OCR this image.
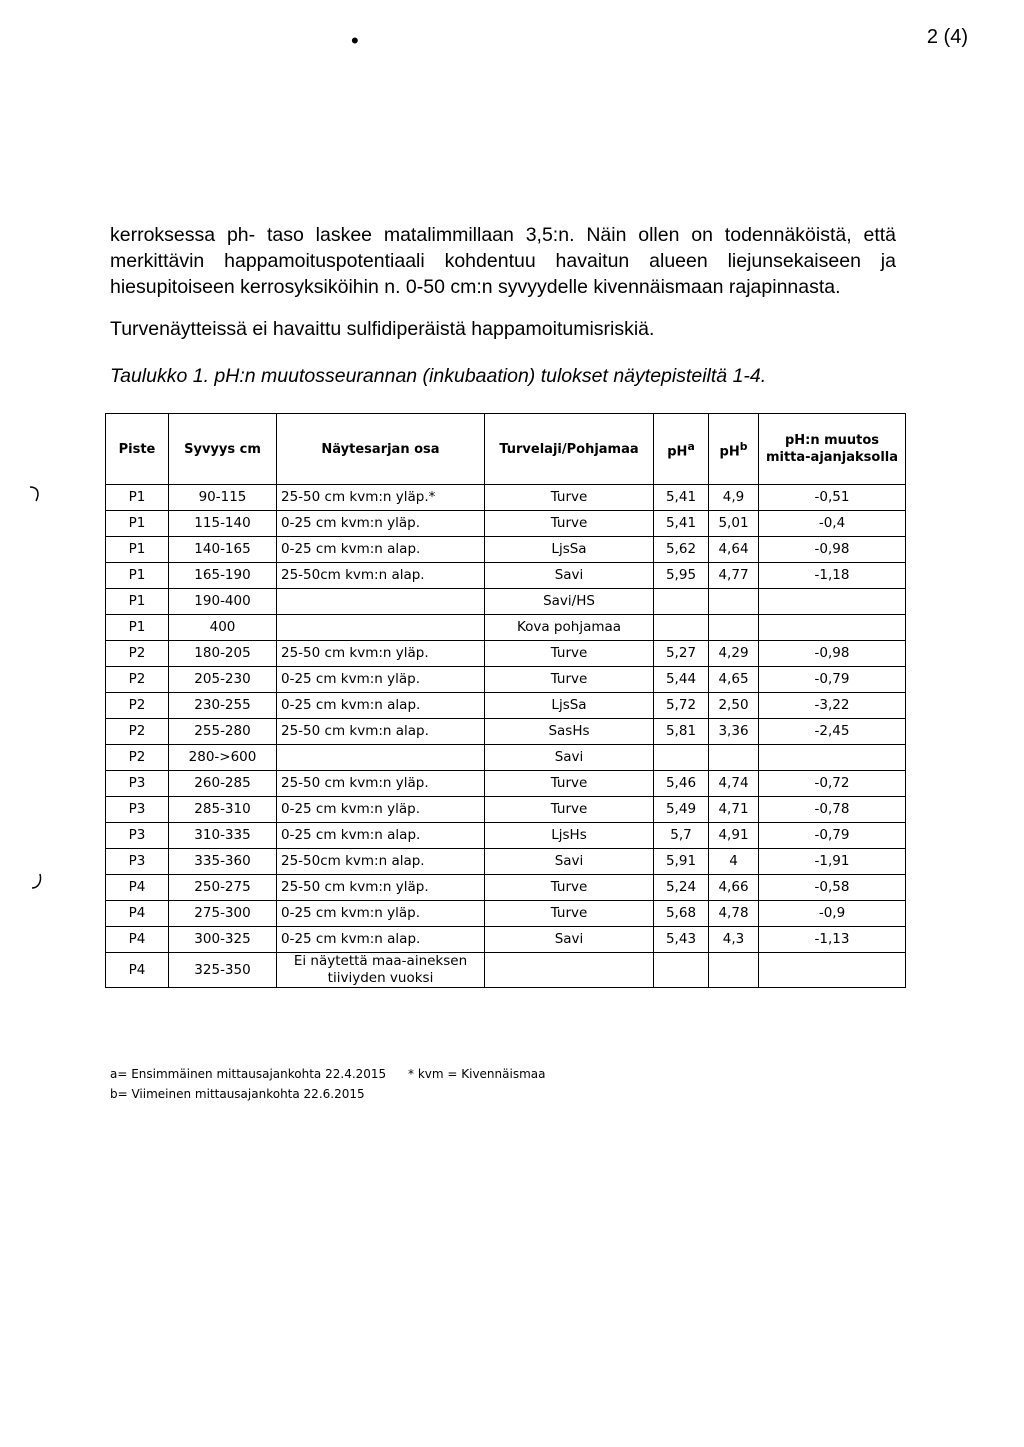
•	2 (4)
kerroksessa ph- taso laskee matalimmillaan 3,5:n. Näin ollen on todennäköistä, että merkittävin happamoituspotentiaali kohdentuu havaitun alueen liejunsekaiseen ja hiesupitoiseen kerrosyksiköihin n. 0-50 cm:n syvyydelle kivennäismaan rajapinnasta.
Turvenäytteissä ei havaittu sulfidiperäistä happamoitumisriskiä.
Taulukko 1. pH:n muutosseurannan (inkubaation) tulokset näytepisteiltä 1-4.
Piste	Syvyys cm	Näytesarjan osa	Turvelaji/Pohjamaa	$pH^a$	$pH^b$	pH:n muutos mitta-ajanjaksolla
P1	90-115	25-50 cm kvm:n yläp.*	Turve	5,41	4,9	-0,51
P1	115-140	0-25 cm kvm:n yläp.	Turve	5,41	5,01	-0,4
P1	140-165	0-25 cm kvm:n alap.	LjsSa	5,62	4,64	-0,98
P1	165-190	25-50cm kvm:n alap.	Savi	5,95	4,77	-1,18
P1	190-400		Savi/HS			
P1	400		Kova pohjamaa			
P2	180-205	25-50 cm kvm:n yläp.	Turve	5,27	4,29	-0,98
P2	205-230	0-25 cm kvm:n yläp.	Turve	5,44	4,65	-0,79
P2	230-255	0-25 cm kvm:n alap.	LjsSa	5,72	2,50	-3,22
P2	255-280	25-50 cm kvm:n alap.	SasHs	5,81	3,36	-2,45
P2	280->600		Savi			
P3	260-285	25-50 cm kvm:n yläp.	Turve	5,46	4,74	-0,72
P3	285-310	0-25 cm kvm:n yläp.	Turve	5,49	4,71	-0,78
P3	310-335	0-25 cm kvm:n alap.	LjsHs	5,7	4,91	-0,79
P3	335-360	25-50cm kvm:n alap.	Savi	5,91	4	-1,91
P4	250-275	25-50 cm kvm:n yläp.	Turve	5,24	4,66	-0,58
P4	275-300	0-25 cm kvm:n yläp.	Turve	5,68	4,78	-0,9
P4	300-325	0-25 cm kvm:n alap.	Savi	5,43	4,3	-1,13
P4	325-350	Ei näytettä maa-aineksen tiiviyden vuoksi				
a= Ensimmäinen mittausajankohta 22.4.2015	* kvm = Kivennäismaa
b= Viimeinen mittausajankohta 22.6.2015
